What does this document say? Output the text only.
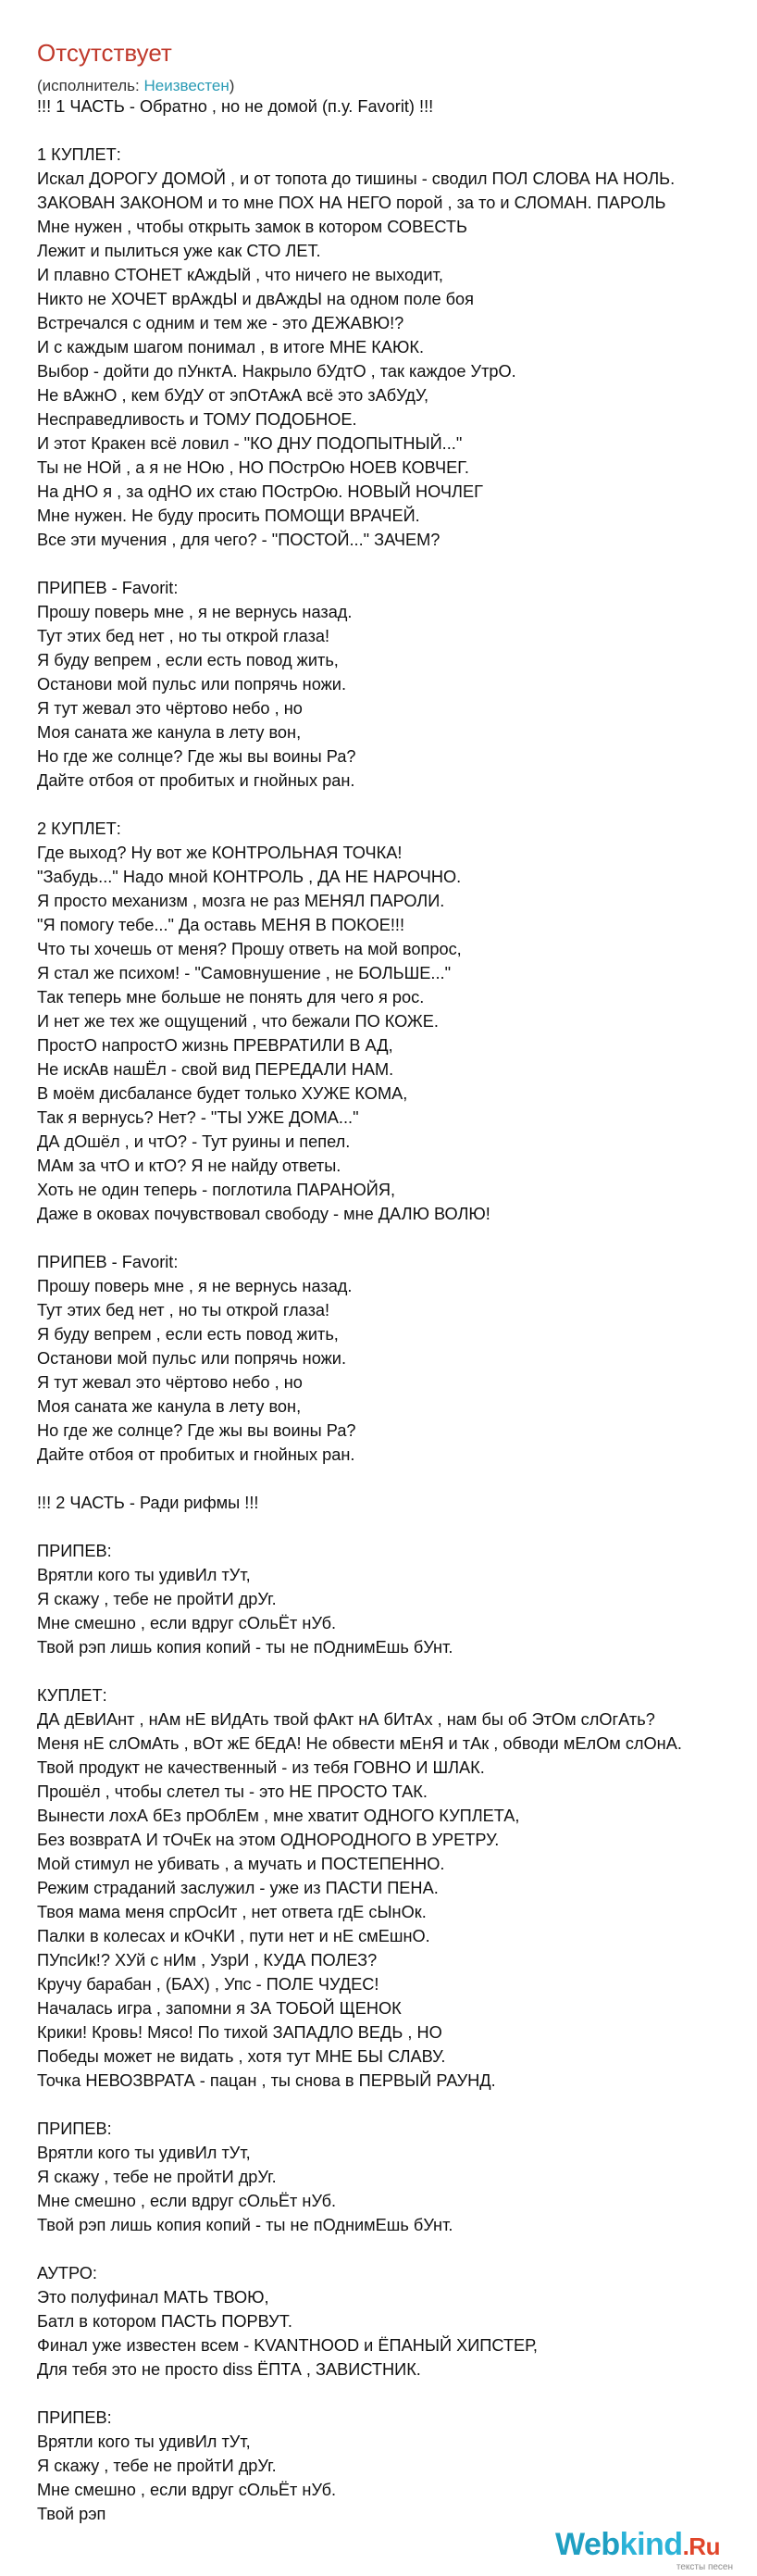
Отсутствует
(исполнитель: Неизвестен)
!!! 1 ЧАСТЬ - Обратно , но не домой (п.у. Favorit) !!!

1 КУПЛЕТ:
Искал ДОРОГУ ДОМОЙ , и от топота до тишины - сводил ПОЛ СЛОВА НА НОЛЬ.
ЗАКОВАН ЗАКОНОМ и то мне ПОХ НА НЕГО порой , за то и СЛОМАН. ПАРОЛЬ
Мне нужен , чтобы открыть замок в котором СОВЕСТЬ
Лежит и пылиться уже как СТО ЛЕТ.
И плавно СТОНЕТ кАждЫй , что ничего не выходит,
Никто не ХОЧЕТ врАждЫ и двАждЫ на одном поле боя
Встречался с одним и тем же - это ДЕЖАВЮ!?
И с каждым шагом понимал , в итоге МНЕ КАЮК.
Выбор - дойти до пУнктА. Накрыло бУдтО , так каждое УтрО.
Не вАжнО , кем бУдУ от эпОтАжА всё это зАбУдУ,
Несправедливость и ТОМУ ПОДОБНОЕ.
И этот Кракен всё ловил - "КО ДНУ ПОДОПЫТНЫЙ..."
Ты не НОй , а я не НОю , НО ПОстрОю НОЕВ КОВЧЕГ.
На дНО я , за одНО их стаю ПОстрОю. НОВЫЙ НОЧЛЕГ
Мне нужен. Не буду просить ПОМОЩИ ВРАЧЕЙ.
Все эти мучения , для чего? - "ПОСТОЙ..." ЗАЧЕМ?

ПРИПЕВ - Favorit:
Прошу поверь мне , я не вернусь назад.
Тут этих бед нет , но ты открой глаза!
Я буду вепрем , если есть повод жить,
Останови мой пульс или попрячь ножи.
Я тут жевал это чёртово небо , но
Моя саната же канула в лету вон,
Но где же солнце? Где жы вы воины Ра?
Дайте отбоя от пробитых и гнойных ран.

2 КУПЛЕТ:
Где выход? Ну вот же КОНТРОЛЬНАЯ ТОЧКА!
"Забудь..." Надо мной КОНТРОЛЬ , ДА НЕ НАРОЧНО.
Я просто механизм , мозга не раз МЕНЯЛ ПАРОЛИ.
"Я помогу тебе..." Да оставь МЕНЯ В ПОКОЕ!!!
Что ты хочешь от меня? Прошу ответь на мой вопрос,
Я стал же психом! - "Самовнушение , не БОЛЬШЕ..."
Так теперь мне больше не понять для чего я рос.
И нет же тех же ощущений , что бежали ПО КОЖЕ.
ПростО напростО жизнь ПРЕВРАТИЛИ В АД,
Не искАв нашЁл - свой вид ПЕРЕДАЛИ НАМ.
В моём дисбалансе будет только ХУЖЕ КОМА,
Так я вернусь? Нет? - "ТЫ УЖЕ ДОМА..."
ДА дОшёл , и чтО? - Тут руины и пепел.
МАм за чтО и ктО? Я не найду ответы.
Хоть не один теперь - поглотила ПАРАНОЙЯ,
Даже в оковах почувствовал свободу - мне ДАЛЮ ВОЛЮ!

ПРИПЕВ - Favorit:
Прошу поверь мне , я не вернусь назад.
Тут этих бед нет , но ты открой глаза!
Я буду вепрем , если есть повод жить,
Останови мой пульс или попрячь ножи.
Я тут жевал это чёртово небо , но
Моя саната же канула в лету вон,
Но где же солнце? Где жы вы воины Ра?
Дайте отбоя от пробитых и гнойных ран.

!!! 2 ЧАСТЬ - Ради рифмы !!!

ПРИПЕВ:
Врятли кого ты удивИл тУт,
Я скажу , тебе не пройтИ дрУг.
Мне смешно , если вдруг сОльЁт нУб.
Твой рэп лишь копия копий - ты не пОднимЕшь бУнт.

КУПЛЕТ:
ДА дЕвИАнт , нАм нЕ вИдАть твой фАкт нА бИтАх , нам бы об ЭтОм слОгАть?
Меня нЕ слОмАть , вОт жЕ бЕдА! Не обвести мЕнЯ и тАк , обводи мЕлОм слОнА.
Твой продукт не качественный - из тебя ГОВНО И ШЛАК.
Прошёл , чтобы слетел ты - это НЕ ПРОСТО ТАК.
Вынести лохА бЕз прОблЕм , мне хватит ОДНОГО КУПЛЕТА,
Без возвратА И тОчЕк на этом ОДНОРОДНОГО В УРЕТРУ.
Мой стимул не убивать , а мучать и ПОСТЕПЕННО.
Режим страданий заслужил - уже из ПАСТИ ПЕНА.
Твоя мама меня спрОсИт , нет ответа гдЕ сЫнОк.
Палки в колесах и кОчКИ , пути нет и нЕ смЕшнО.
ПУпсИк!? ХУй с нИм , УзрИ , КУДА ПОЛЕЗ?
Кручу барабан , (БАХ) , Упс - ПОЛЕ ЧУДЕС!
Началась игра , запомни я ЗА ТОБОЙ ЩЕНОК
Крики! Кровь! Мясо! По тихой ЗАПАДЛО ВЕДЬ , НО
Победы может не видать , хотя тут МНЕ БЫ СЛАВУ.
Точка НЕВОЗВРАТА - пацан , ты снова в ПЕРВЫЙ РАУНД.

ПРИПЕВ:
Врятли кого ты удивИл тУт,
Я скажу , тебе не пройтИ дрУг.
Мне смешно , если вдруг сОльЁт нУб.
Твой рэп лишь копия копий - ты не пОднимЕшь бУнт.

АУТРО:
Это полуфинал МАТЬ ТВОЮ,
Батл в котором ПАСТЬ ПОРВУТ.
Финал уже известен всем - KVANTHOOD и ЁПАНЫЙ ХИПСТЕР,
Для тебя это не просто diss ЁПТА , ЗАВИСТНИК.

ПРИПЕВ:
Врятли кого ты удивИл тУт,
Я скажу , тебе не пройтИ дрУг.
Мне смешно , если вдруг сОльЁт нУб.
Твой рэп
Webkind.Ru
тексты песен
